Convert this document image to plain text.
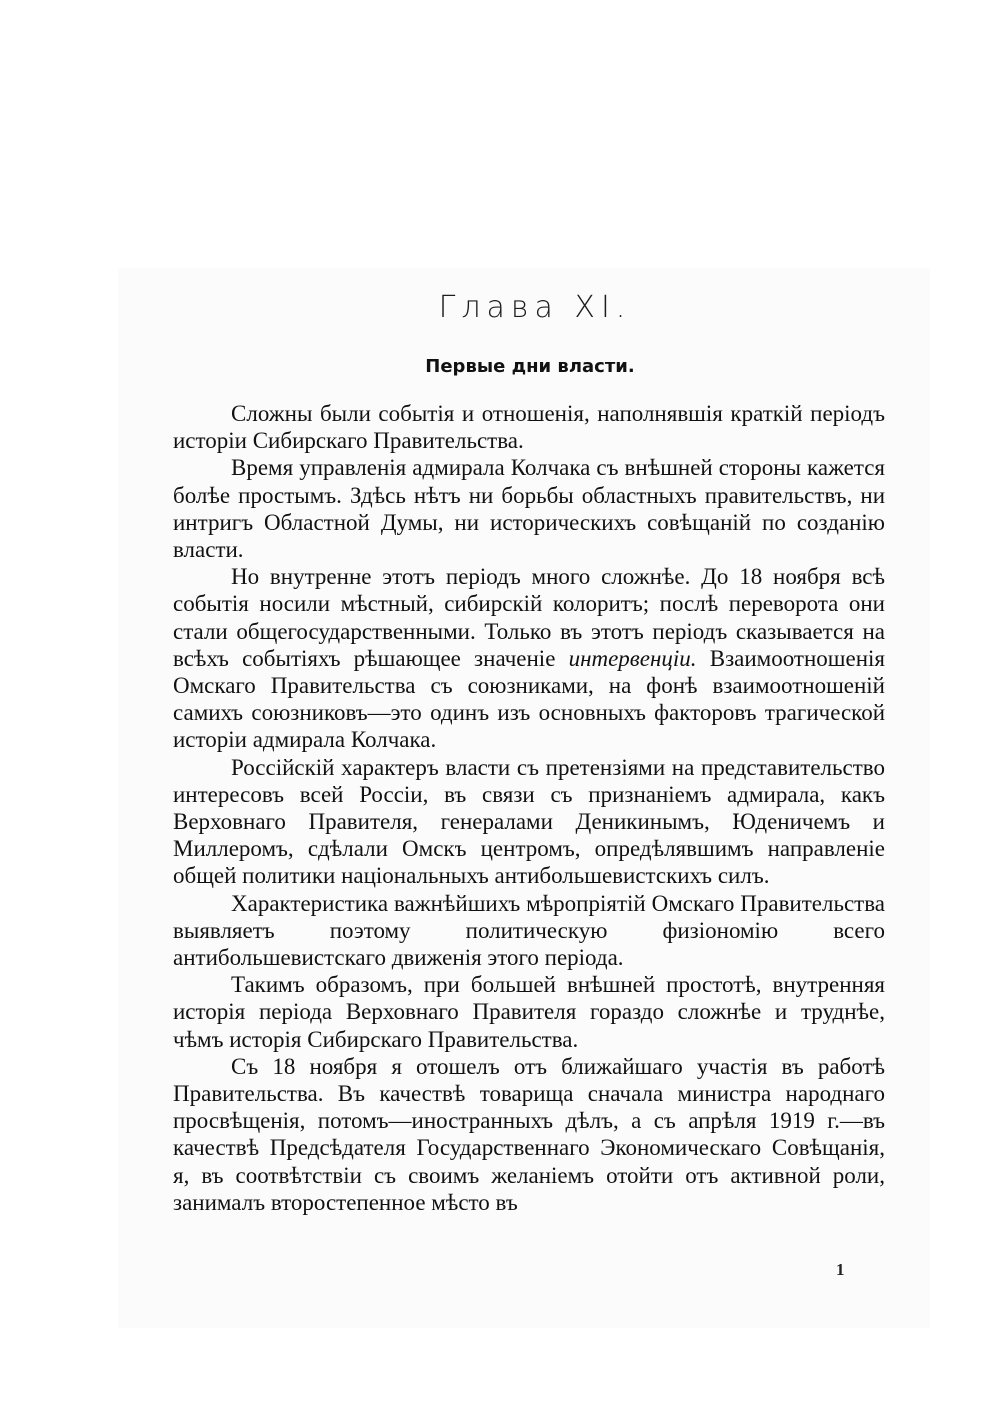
Глава XI.
Первые дни власти.

Сложны были событія и отношенія, наполнявшія краткій періодъ исторіи Сибирскаго Правительства.

Время управленія адмирала Колчака съ внѣшней стороны кажется болѣе простымъ. Здѣсь нѣтъ ни борьбы областныхъ правительствъ, ни интригъ Областной Думы, ни историческихъ совѣщаній по созданію власти.

Но внутренне этотъ періодъ много сложнѣе. До 18 ноября всѣ событія носили мѣстный, сибирскій колоритъ; послѣ переворота они стали общегосударственными. Только въ этотъ періодъ сказывается на всѣхъ событіяхъ рѣшающее значеніе интервенціи. Взаимоотношенія Омскаго Правительства съ союзниками, на фонѣ взаимоотношеній самихъ союзниковъ—это одинъ изъ основныхъ факторовъ трагической исторіи адмирала Колчака.

Россійскій характеръ власти съ претензіями на представительство интересовъ всей Россіи, въ связи съ признаніемъ адмирала, какъ Верховнаго Правителя, генералами Деникинымъ, Юденичемъ и Миллеромъ, сдѣлали Омскъ центромъ, опредѣлявшимъ направленіе общей политики національныхъ антибольшевистскихъ силъ.

Характеристика важнѣйшихъ мѣропріятій Омскаго Правительства выявляетъ поэтому политическую физіономію всего антибольшевистскаго движенія этого періода.

Такимъ образомъ, при большей внѣшней простотѣ, внутренняя исторія періода Верховнаго Правителя гораздо сложнѣе и труднѣе, чѣмъ исторія Сибирскаго Правительства.

Съ 18 ноября я отошелъ отъ ближайшаго участія въ работѣ Правительства. Въ качествѣ товарища сначала министра народнаго просвѣщенія, потомъ—иностранныхъ дѣлъ, а съ апрѣля 1919 г.—въ качествѣ Предсѣдателя Государственнаго Экономическаго Совѣщанія, я, въ соотвѣтствіи съ своимъ желаніемъ отойти отъ активной роли, занималъ второстепенное мѣсто въ

1
